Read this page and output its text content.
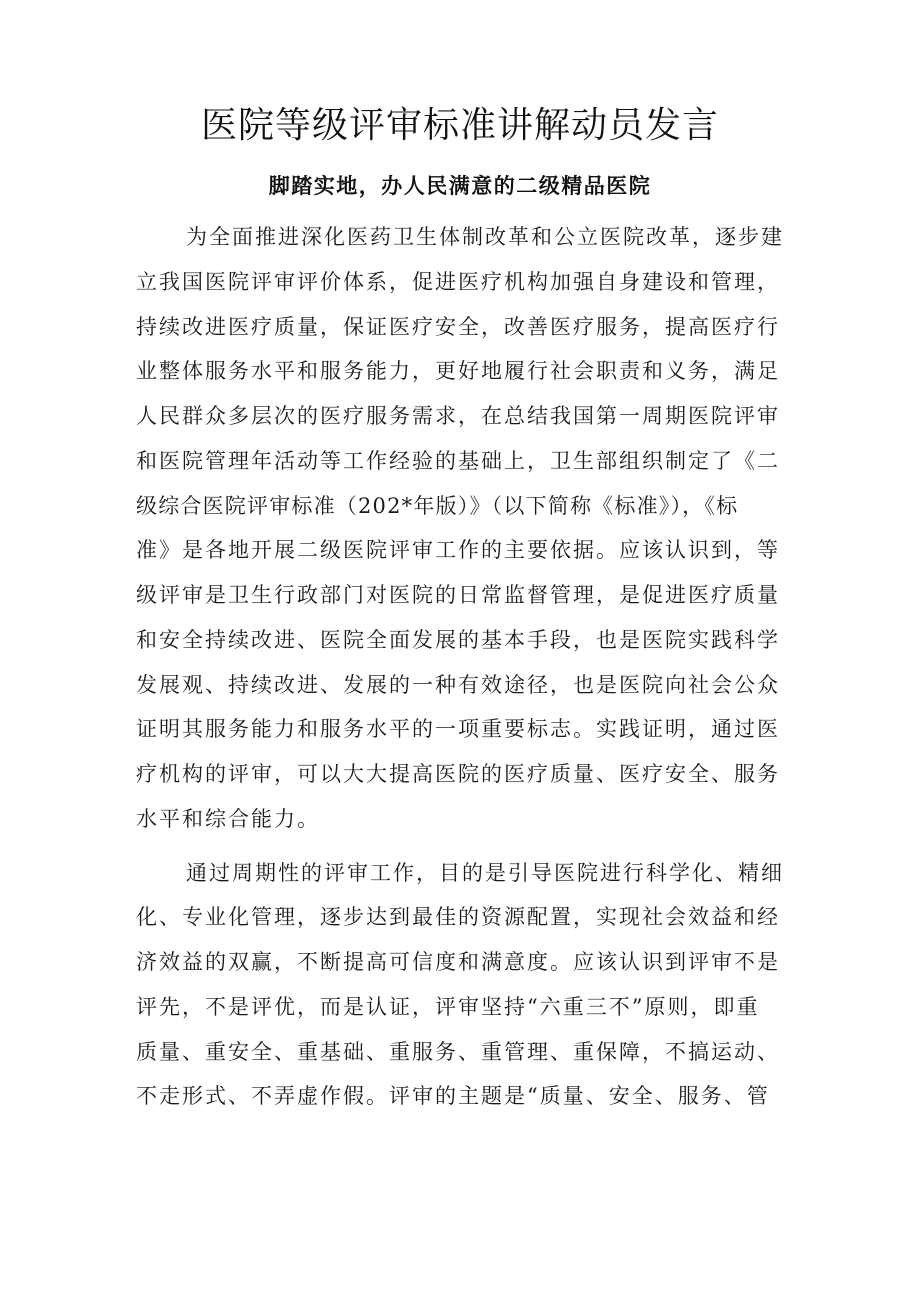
医院等级评审标准讲解动员发言
脚踏实地，办人民满意的二级精品医院
为全面推进深化医药卫生体制改革和公立医院改革，逐步建
立我国医院评审评价体系，促进医疗机构加强自身建设和管理，
持续改进医疗质量，保证医疗安全，改善医疗服务，提高医疗行
业整体服务水平和服务能力，更好地履行社会职责和义务，满足
人民群众多层次的医疗服务需求，在总结我国第一周期医院评审
和医院管理年活动等工作经验的基础上，卫生部组织制定了《二
级综合医院评审标准（202*年版）》（以下简称《标准》），《标
准》是各地开展二级医院评审工作的主要依据。应该认识到，等
级评审是卫生行政部门对医院的日常监督管理，是促进医疗质量
和安全持续改进、医院全面发展的基本手段，也是医院实践科学
发展观、持续改进、发展的一种有效途径，也是医院向社会公众
证明其服务能力和服务水平的一项重要标志。实践证明，通过医
疗机构的评审，可以大大提高医院的医疗质量、医疗安全、服务
水平和综合能力。
通过周期性的评审工作，目的是引导医院进行科学化、精细
化、专业化管理，逐步达到最佳的资源配置，实现社会效益和经
济效益的双赢，不断提高可信度和满意度。应该认识到评审不是
评先，不是评优，而是认证，评审坚持“六重三不”原则，即重
质量、重安全、重基础、重服务、重管理、重保障，不搞运动、
不走形式、不弄虚作假。评审的主题是“质量、安全、服务、管
